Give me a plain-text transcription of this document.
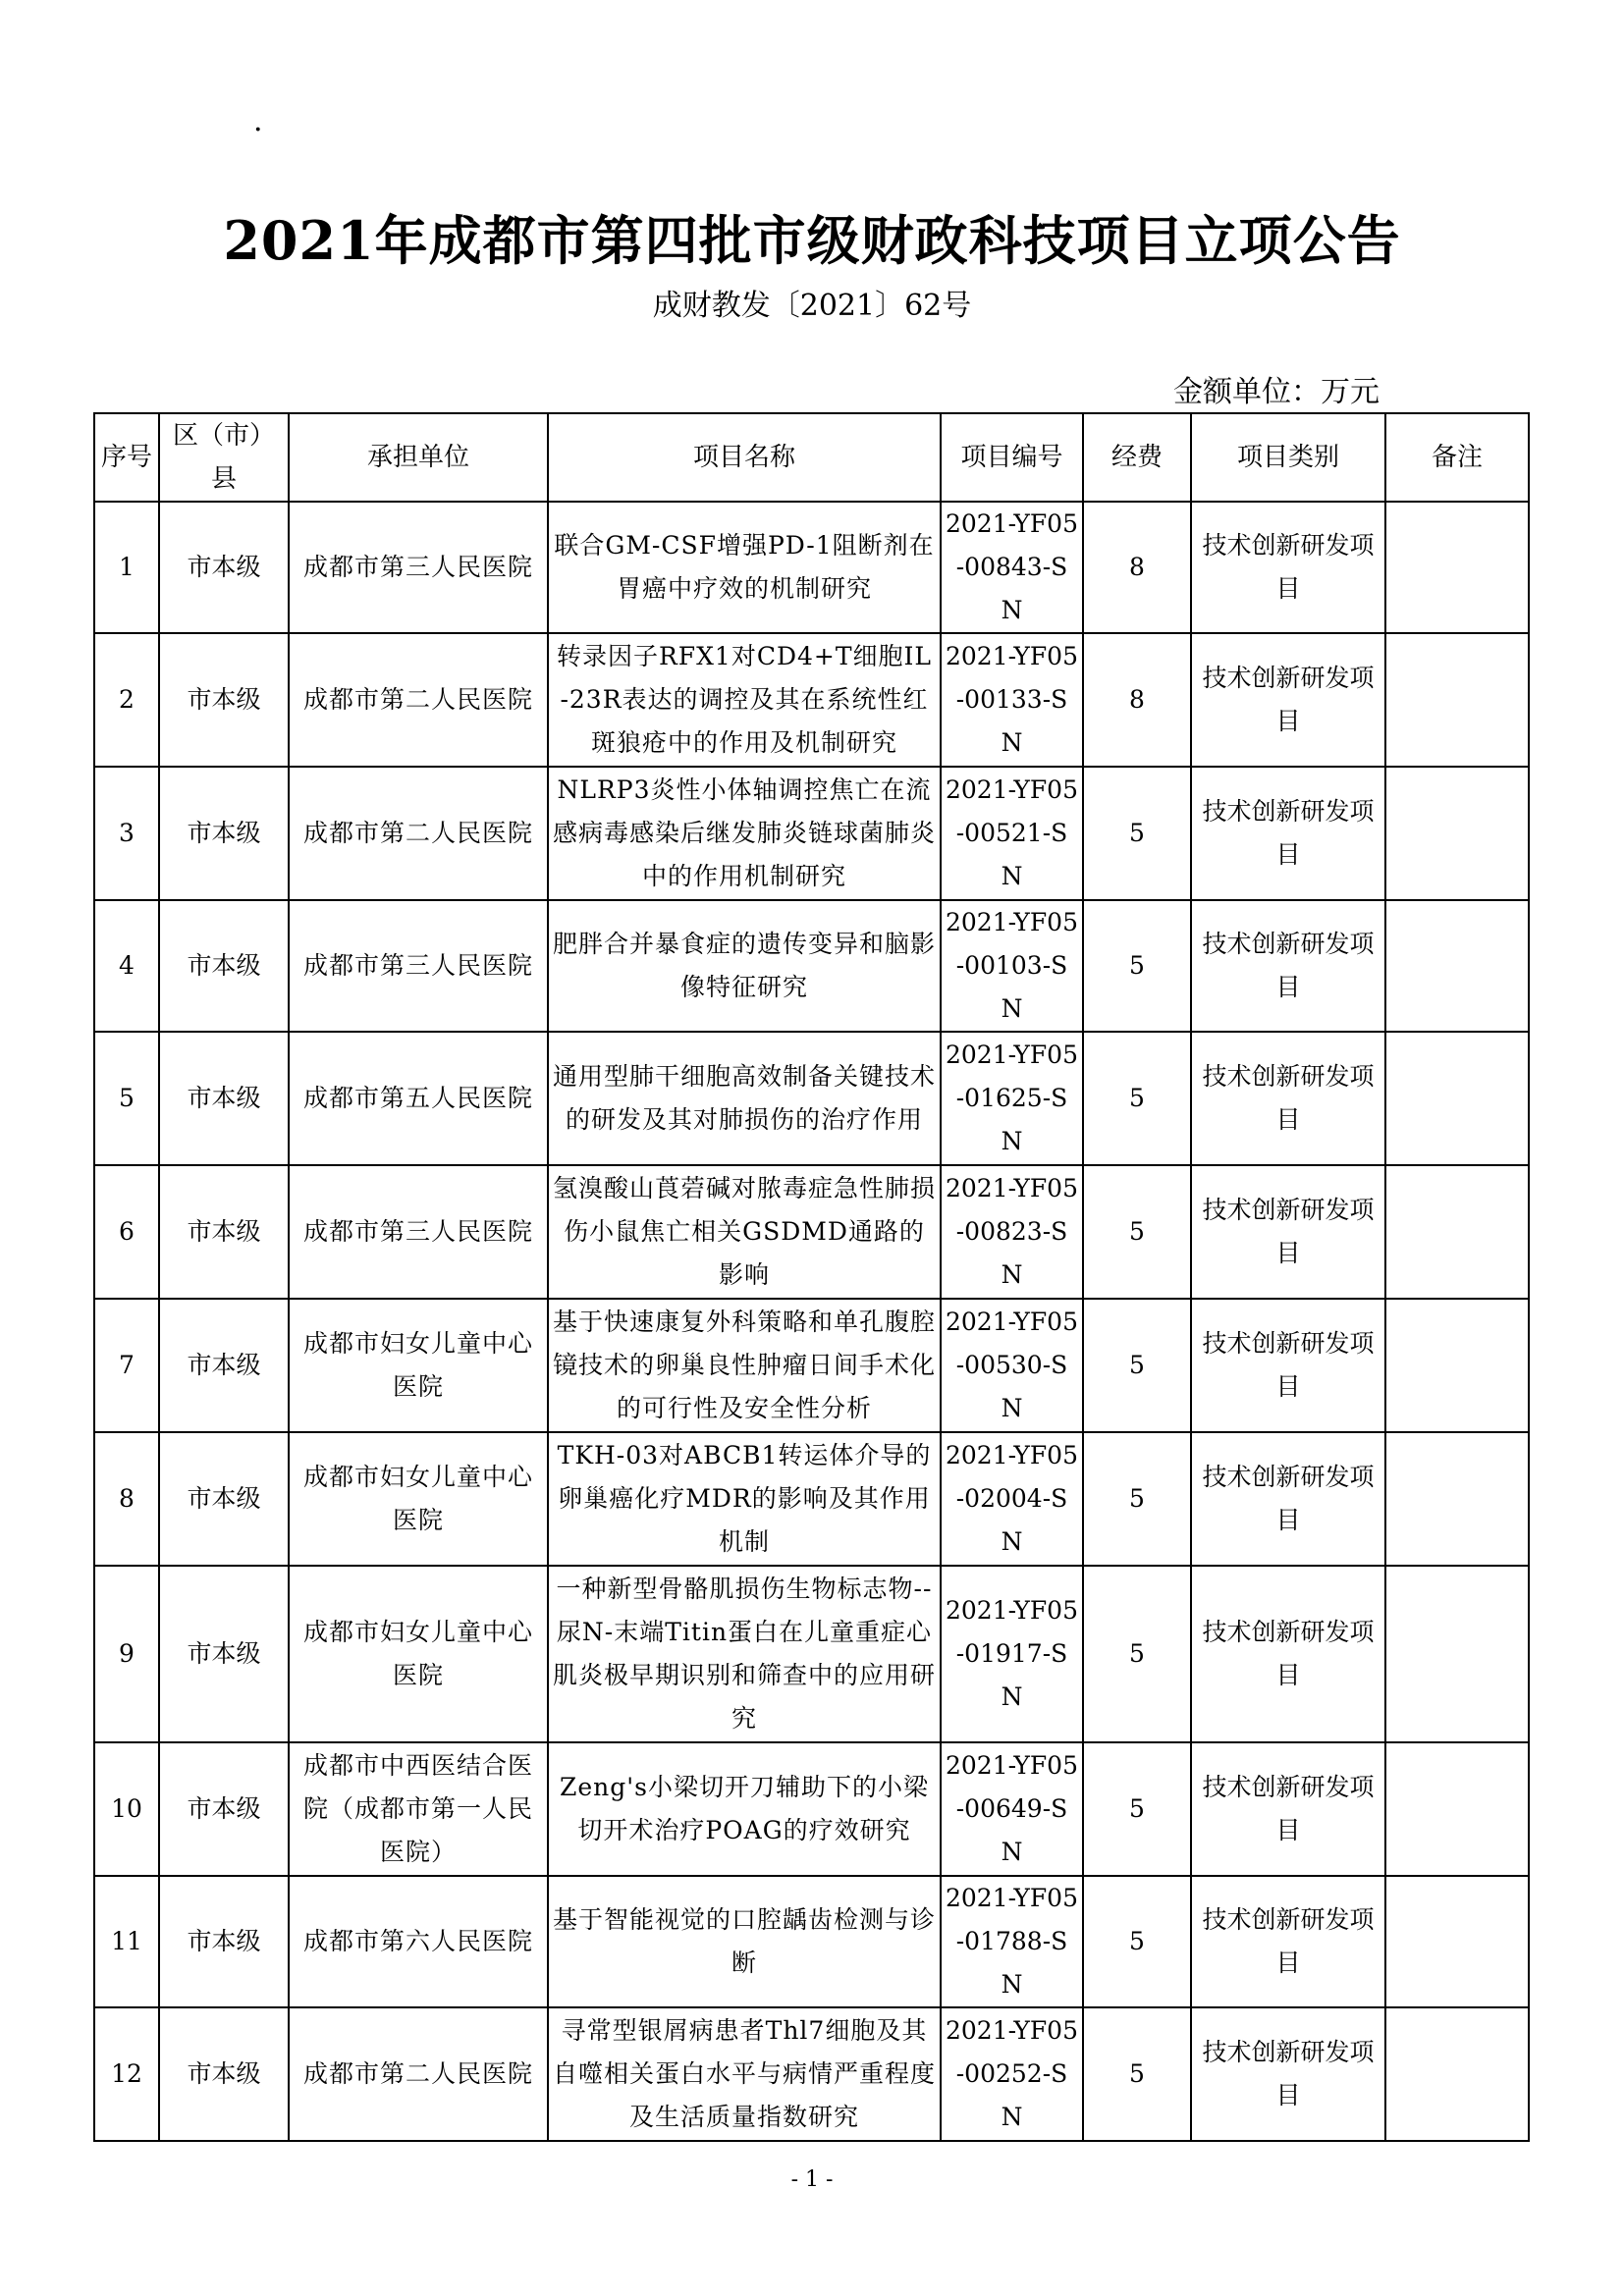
·
2021年成都市第四批市级财政科技项目立项公告
成财教发〔2021〕62号
金额单位：万元
序号	区（市）县	承担单位	项目名称	项目编号	经费	项目类别	备注
1	市本级	成都市第三人民医院	联合GM-CSF增强PD-1阻断剂在胃癌中疗效的机制研究	2021-YF05-00843-SN	8	技术创新研发项目	
2	市本级	成都市第二人民医院	转录因子RFX1对CD4+T细胞IL-23R表达的调控及其在系统性红斑狼疮中的作用及机制研究	2021-YF05-00133-SN	8	技术创新研发项目	
3	市本级	成都市第二人民医院	NLRP3炎性小体轴调控焦亡在流感病毒感染后继发肺炎链球菌肺炎中的作用机制研究	2021-YF05-00521-SN	5	技术创新研发项目	
4	市本级	成都市第三人民医院	肥胖合并暴食症的遗传变异和脑影像特征研究	2021-YF05-00103-SN	5	技术创新研发项目	
5	市本级	成都市第五人民医院	通用型肺干细胞高效制备关键技术的研发及其对肺损伤的治疗作用	2021-YF05-01625-SN	5	技术创新研发项目	
6	市本级	成都市第三人民医院	氢溴酸山莨菪碱对脓毒症急性肺损伤小鼠焦亡相关GSDMD通路的影响	2021-YF05-00823-SN	5	技术创新研发项目	
7	市本级	成都市妇女儿童中心医院	基于快速康复外科策略和单孔腹腔镜技术的卵巢良性肿瘤日间手术化的可行性及安全性分析	2021-YF05-00530-SN	5	技术创新研发项目	
8	市本级	成都市妇女儿童中心医院	TKH-03对ABCB1转运体介导的卵巢癌化疗MDR的影响及其作用机制	2021-YF05-02004-SN	5	技术创新研发项目	
9	市本级	成都市妇女儿童中心医院	一种新型骨骼肌损伤生物标志物--尿N-末端Titin蛋白在儿童重症心肌炎极早期识别和筛查中的应用研究	2021-YF05-01917-SN	5	技术创新研发项目	
10	市本级	成都市中西医结合医院（成都市第一人民医院）	Zeng's小梁切开刀辅助下的小梁切开术治疗POAG的疗效研究	2021-YF05-00649-SN	5	技术创新研发项目	
11	市本级	成都市第六人民医院	基于智能视觉的口腔龋齿检测与诊断	2021-YF05-01788-SN	5	技术创新研发项目	
12	市本级	成都市第二人民医院	寻常型银屑病患者Thl7细胞及其自噬相关蛋白水平与病情严重程度及生活质量指数研究	2021-YF05-00252-SN	5	技术创新研发项目	
- 1 -
